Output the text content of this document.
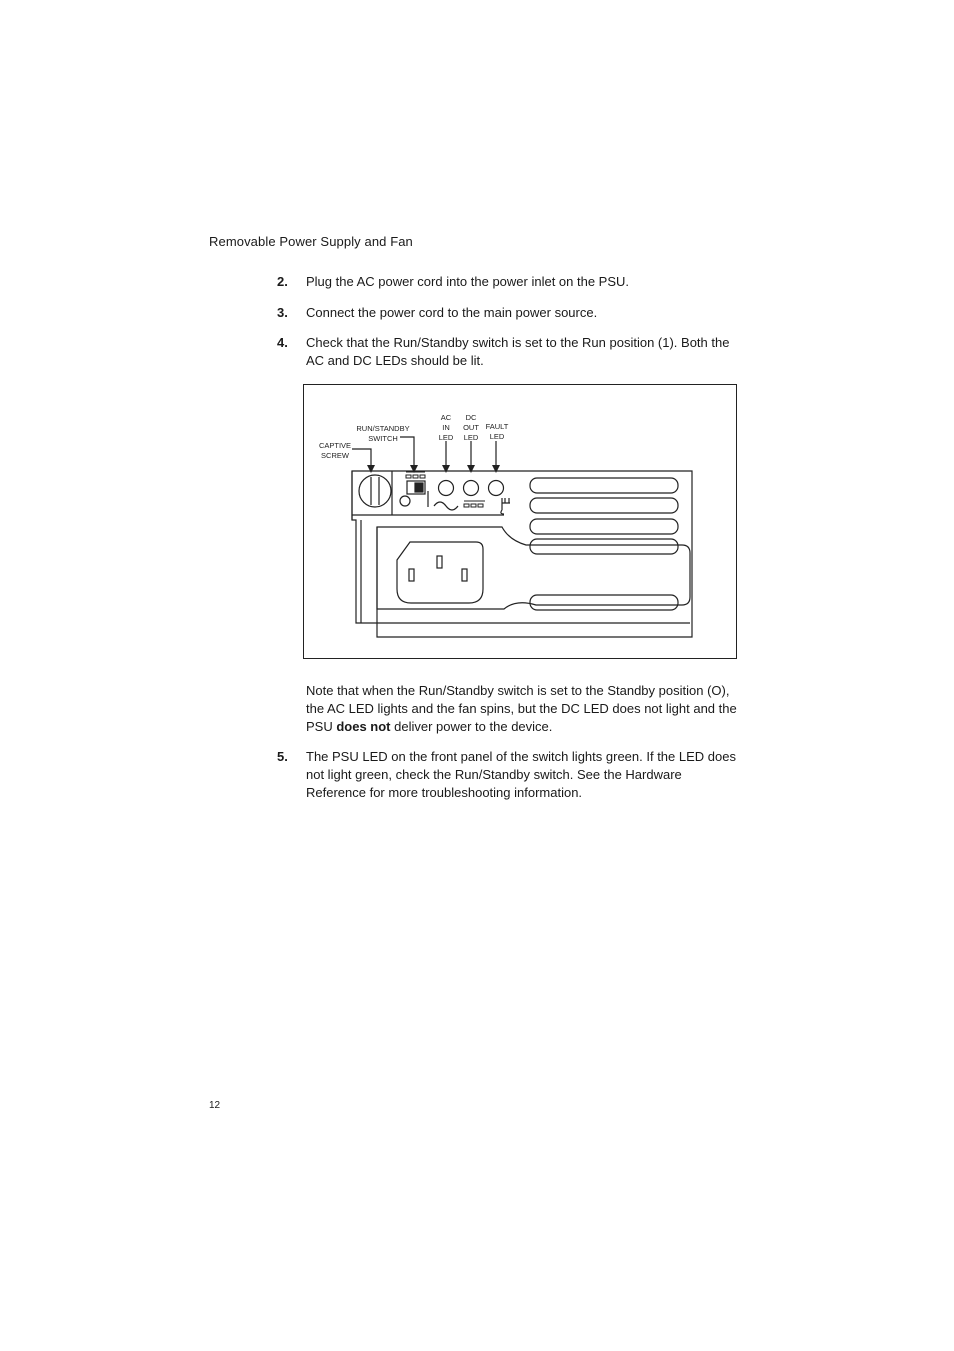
Removable Power Supply and Fan
2. Plug the AC power cord into the power inlet on the PSU.
3. Connect the power cord to the main power source.
4. Check that the Run/Standby switch is set to the Run position (1). Both the AC and DC LEDs should be lit.
CAPTIVE
SCREW
RUN/STANDBY
SWITCH
AC
IN
LED
DC
OUT
LED
FAULT
LED
Note that when the Run/Standby switch is set to the Standby position (O), the AC LED lights and the fan spins, but the DC LED does not light and the PSU does not deliver power to the device.
5. The PSU LED on the front panel of the switch lights green. If the LED does not light green, check the Run/Standby switch. See the Hardware Reference for more troubleshooting information.
12
